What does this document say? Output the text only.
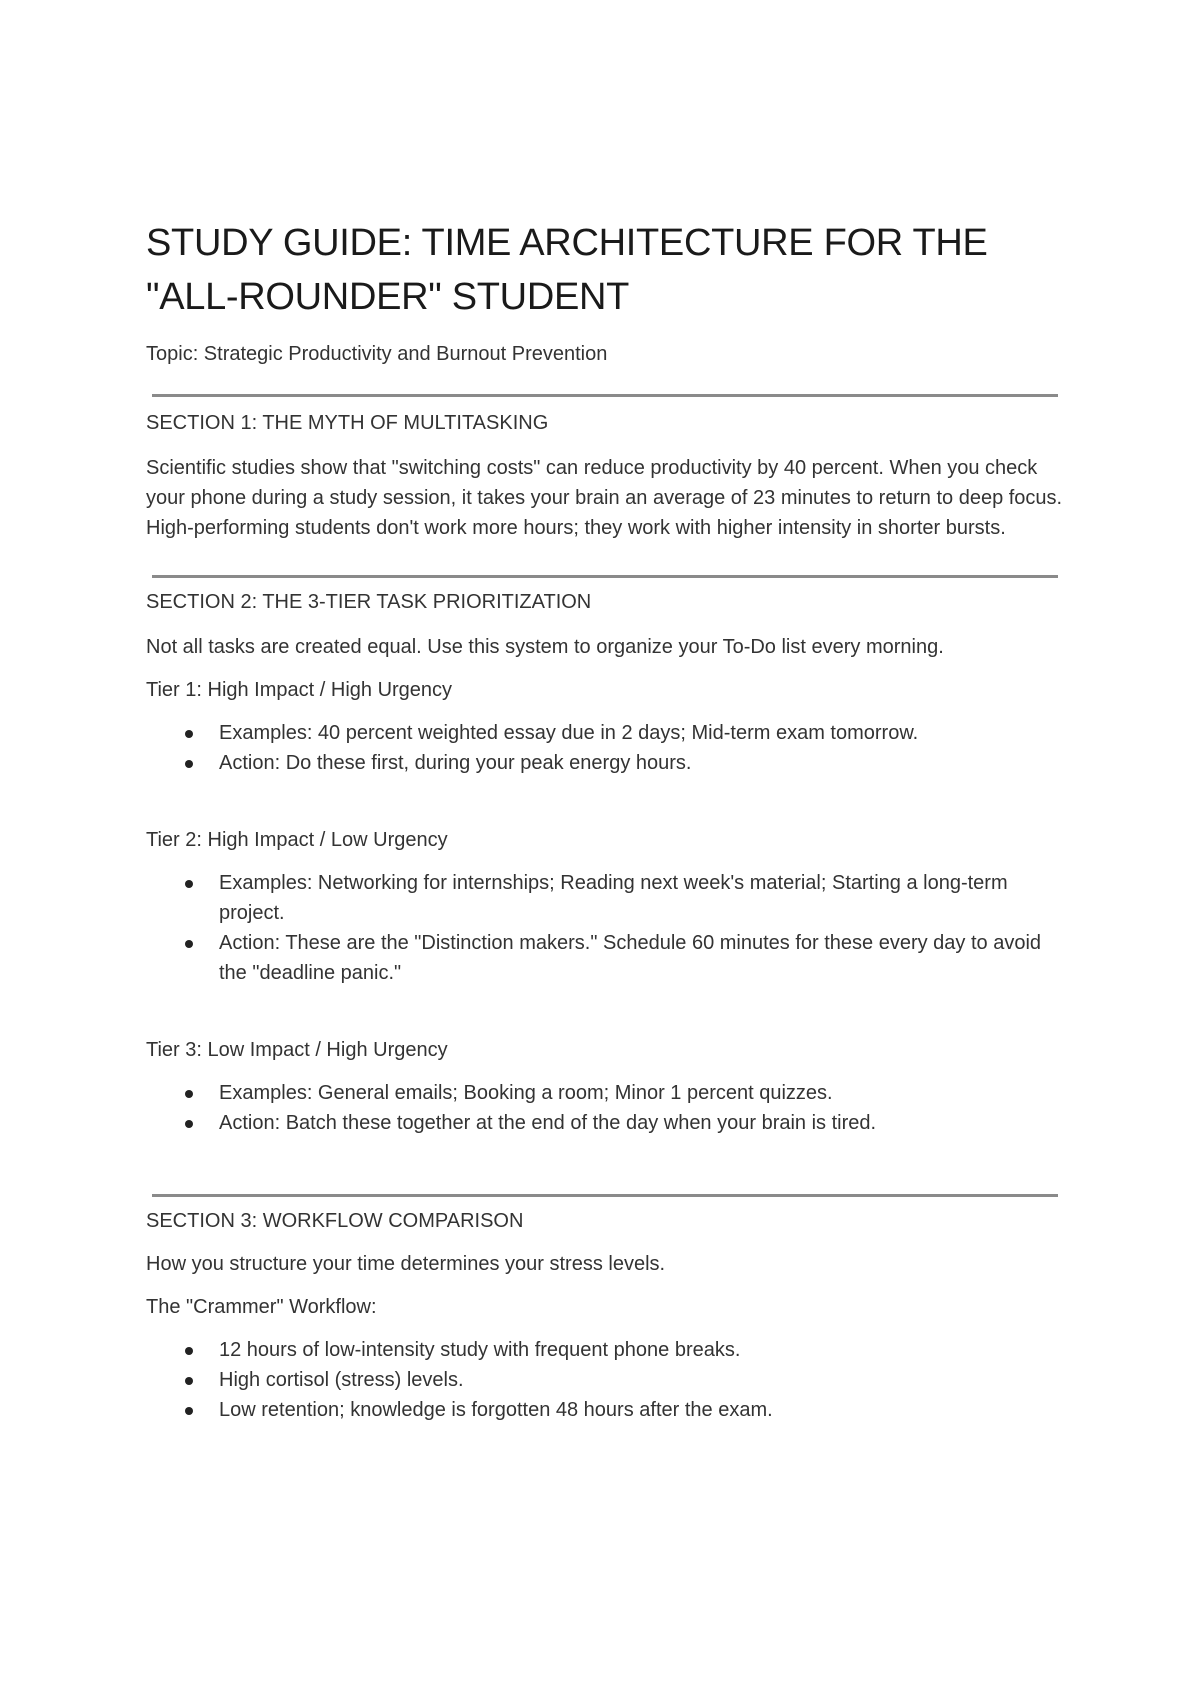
STUDY GUIDE: TIME ARCHITECTURE FOR THE
"ALL-ROUNDER" STUDENT

Topic: Strategic Productivity and Burnout Prevention

SECTION 1: THE MYTH OF MULTITASKING

Scientific studies show that "switching costs" can reduce productivity by 40 percent. When you check your phone during a study session, it takes your brain an average of 23 minutes to return to deep focus. High-performing students don't work more hours; they work with higher intensity in shorter bursts.

SECTION 2: THE 3-TIER TASK PRIORITIZATION

Not all tasks are created equal. Use this system to organize your To-Do list every morning.

Tier 1: High Impact / High Urgency

Examples: 40 percent weighted essay due in 2 days; Mid-term exam tomorrow.
Action: Do these first, during your peak energy hours.

Tier 2: High Impact / Low Urgency

Examples: Networking for internships; Reading next week's material; Starting a long-term project.
Action: These are the "Distinction makers." Schedule 60 minutes for these every day to avoid the "deadline panic."

Tier 3: Low Impact / High Urgency

Examples: General emails; Booking a room; Minor 1 percent quizzes.
Action: Batch these together at the end of the day when your brain is tired.
SECTION 3: WORKFLOW COMPARISON

How you structure your time determines your stress levels.

The "Crammer" Workflow:

12 hours of low-intensity study with frequent phone breaks.
High cortisol (stress) levels.
Low retention; knowledge is forgotten 48 hours after the exam.
